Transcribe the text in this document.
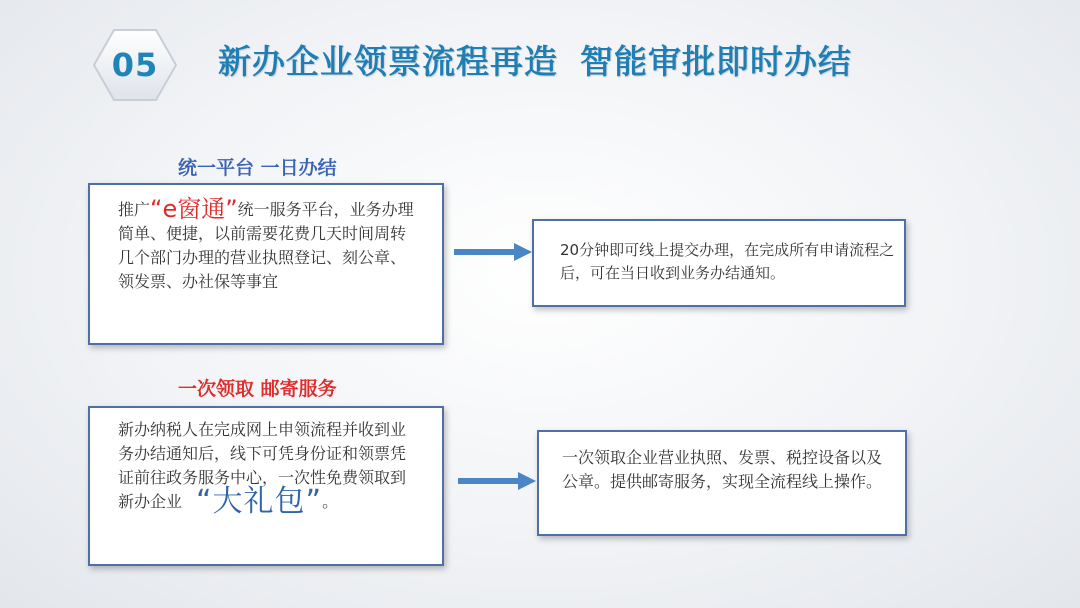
05	新办企业领票流程再造 智能审批即时办结
统一平台 一日办结
推广“e窗通”统一服务平台，业务办理简单、便捷，以前需要花费几天时间周转几个部门办理的营业执照登记、刻公章、领发票、办社保等事宜
20分钟即可线上提交办理，在完成所有申请流程之后，可在当日收到业务办结通知。
一次领取 邮寄服务
新办纳税人在完成网上申领流程并收到业务办结通知后，线下可凭身份证和领票凭证前往政务服务中心，一次性免费领取到新办企业 “大礼包”。
一次领取企业营业执照、发票、税控设备以及公章。提供邮寄服务，实现全流程线上操作。
